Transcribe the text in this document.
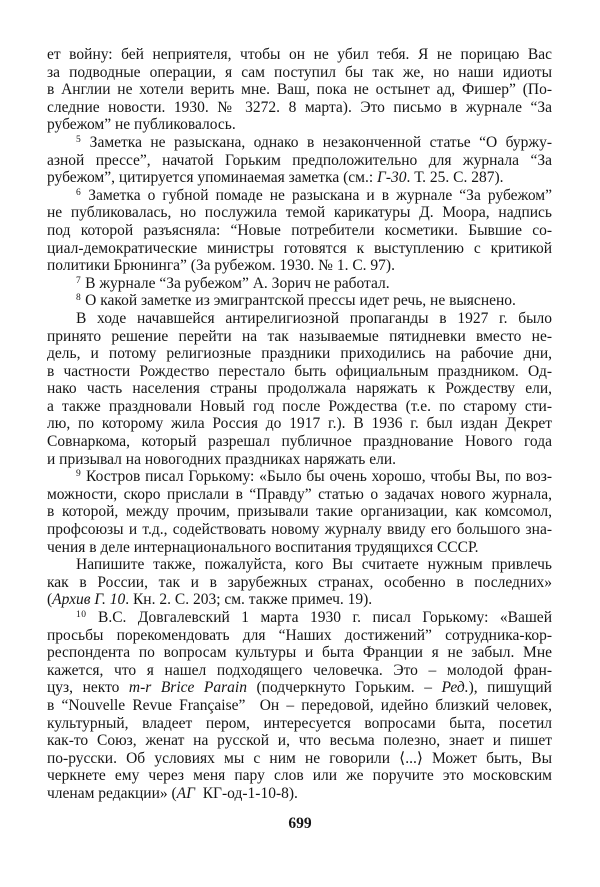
ет войну: бей неприятеля, чтобы он не убил тебя. Я не порицаю Вас
за подводные операции, я сам поступил бы так же, но наши идиоты
в Англии не хотели верить мне. Ваш, пока не остынет ад, Фишер” (По-
следние новости. 1930. № 3272. 8 марта). Это письмо в журнале “За
рубежом” не публиковалось.
$^5$ Заметка не разыскана, однако в незаконченной статье “О буржу-
азной прессе”, начатой Горьким предположительно для журнала “За
рубежом”, цитируется упоминаемая заметка (см.: Г-30. Т. 25. С. 287).
$^6$ Заметка о губной помаде не разыскана и в журнале “За рубежом”
не публиковалась, но послужила темой карикатуры Д. Моора, надпись
под которой разъясняла: “Новые потребители косметики. Бывшие со-
циал-демократические министры готовятся к выступлению с критикой
политики Брюнинга” (За рубежом. 1930. № 1. С. 97).
$^7$ В журнале “За рубежом” А. Зорич не работал.
$^8$ О какой заметке из эмигрантской прессы идет речь, не выяснено.
В ходе начавшейся антирелигиозной пропаганды в 1927 г. было
принято решение перейти на так называемые пятидневки вместо не-
дель, и потому религиозные праздники приходились на рабочие дни,
в частности Рождество перестало быть официальным праздником. Од-
нако часть населения страны продолжала наряжать к Рождеству ели,
а также праздновали Новый год после Рождества (т.е. по старому сти-
лю, по которому жила Россия до 1917 г.). В 1936 г. был издан Декрет
Совнаркома, который разрешал публичное празднование Нового года
и призывал на новогодних праздниках наряжать ели.
$^9$ Костров писал Горькому: «Было бы очень хорошо, чтобы Вы, по воз-
можности, скоро прислали в “Правду” статью о задачах нового журнала,
в которой, между прочим, призывали такие организации, как комсомол,
профсоюзы и т.д., содействовать новому журналу ввиду его большого зна-
чения в деле интернационального воспитания трудящихся СССР.
Напишите также, пожалуйста, кого Вы считаете нужным привлечь
как в России, так и в зарубежных странах, особенно в последних»
(Архив Г. 10. Кн. 2. С. 203; см. также примеч. 19).
$^{10}$ В.С. Довгалевский 1 марта 1930 г. писал Горькому: «Вашей
просьбы порекомендовать для “Наших достижений” сотрудника-кор-
респондента по вопросам культуры и быта Франции я не забыл. Мне
кажется, что я нашел подходящего человечка. Это – молодой фран-
цуз, некто m-r Brice Parain (подчеркнуто Горьким. – Ред.), пишущий
в “Nouvelle Revue Française”  Он – передовой, идейно близкий человек,
культурный, владеет пером, интересуется вопросами быта, посетил
как-то Союз, женат на русской и, что весьма полезно, знает и пишет
по-русски. Об условиях мы с ним не говорили ⟨...⟩ Может быть, Вы
черкнете ему через меня пару слов или же поручите это московским
членам редакции» (АГ  КГ-од-1-10-8).
699
